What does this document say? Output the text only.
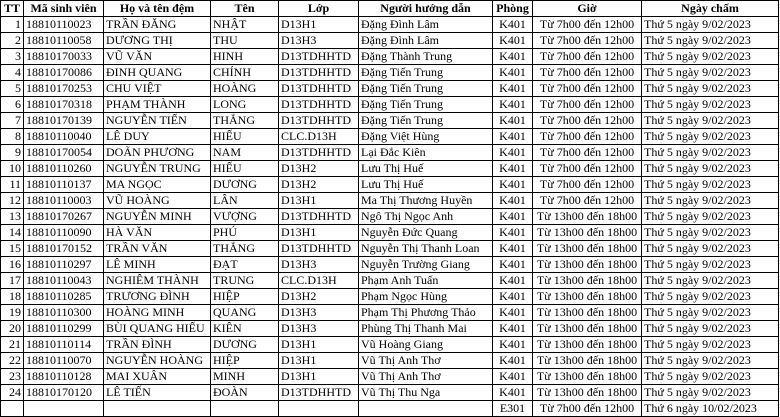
TT	Mã sinh viên	Họ và tên đệm	Tên	Lớp	Người hướng dẫn	Phòng	Giờ	Ngày chấm
1	18810110023	TRẦN ĐĂNG	NHẬT	D13H1	Đặng Đình Lâm	K401	Từ 7h00 đến 12h00	Thứ 5 ngày 9/02/2023
2	18810110058	DƯƠNG THỊ	THU	D13H3	Đặng Đình Lâm	K401	Từ 7h00 đến 12h00	Thứ 5 ngày 9/02/2023
3	18810170033	VŨ VĂN	HINH	D13TDHHTD	Đặng Thành Trung	K401	Từ 7h00 đến 12h00	Thứ 5 ngày 9/02/2023
4	18810170086	ĐINH QUANG	CHÍNH	D13TDHHTD	Đặng Tiến Trung	K401	Từ 7h00 đến 12h00	Thứ 5 ngày 9/02/2023
5	18810170253	CHU VIỆT	HOÀNG	D13TDHHTD	Đặng Tiến Trung	K401	Từ 7h00 đến 12h00	Thứ 5 ngày 9/02/2023
6	18810170318	PHẠM THÀNH	LONG	D13TDHHTD	Đặng Tiến Trung	K401	Từ 7h00 đến 12h00	Thứ 5 ngày 9/02/2023
7	18810170139	NGUYỄN TIẾN	THẮNG	D13TDHHTD	Đặng Tiến Trung	K401	Từ 7h00 đến 12h00	Thứ 5 ngày 9/02/2023
8	18810110040	LÊ DUY	HIẾU	CLC.D13H	Đặng Việt Hùng	K401	Từ 7h00 đến 12h00	Thứ 5 ngày 9/02/2023
9	18810170054	DOÃN PHƯƠNG	NAM	D13TDHHTD	Lại Đắc Kiên	K401	Từ 7h00 đến 12h00	Thứ 5 ngày 9/02/2023
10	18810110260	NGUYỄN TRUNG	HIẾU	D13H2	Lưu Thị Huế	K401	Từ 7h00 đến 12h00	Thứ 5 ngày 9/02/2023
11	18810110137	MA NGỌC	DƯƠNG	D13H2	Lưu Thị Huế	K401	Từ 7h00 đến 12h00	Thứ 5 ngày 9/02/2023
12	18810110003	VŨ HOÀNG	LÂN	D13H1	Ma Thị Thương Huyền	K401	Từ 7h00 đến 12h00	Thứ 5 ngày 9/02/2023
13	18810170267	NGUYỄN MINH	VƯỢNG	D13TDHHTD	Ngô Thị Ngọc Anh	K401	Từ 13h00 đến 18h00	Thứ 5 ngày 9/02/2023
14	18810110090	HÀ VĂN	PHÚ	D13H1	Nguyễn Đức Quang	K401	Từ 13h00 đến 18h00	Thứ 5 ngày 9/02/2023
15	18810170152	TRẦN VĂN	THẮNG	D13TDHHTD	Nguyễn Thị Thanh Loan	K401	Từ 13h00 đến 18h00	Thứ 5 ngày 9/02/2023
16	18810110297	LÊ MINH	ĐẠT	D13H3	Nguyễn Trường Giang	K401	Từ 13h00 đến 18h00	Thứ 5 ngày 9/02/2023
17	18810110043	NGHIÊM THÀNH	TRUNG	CLC.D13H	Phạm Anh Tuấn	K401	Từ 13h00 đến 18h00	Thứ 5 ngày 9/02/2023
18	18810110285	TRƯƠNG ĐÌNH	HIỆP	D13H2	Phạm Ngọc Hùng	K401	Từ 13h00 đến 18h00	Thứ 5 ngày 9/02/2023
19	18810110300	HOÀNG MINH	QUANG	D13H3	Phạm Thị Phương Thảo	K401	Từ 13h00 đến 18h00	Thứ 5 ngày 9/02/2023
20	18810110299	BÙI QUANG HIẾU	KIÊN	D13H3	Phùng Thị Thanh Mai	K401	Từ 13h00 đến 18h00	Thứ 5 ngày 9/02/2023
21	18810110114	TRẦN ĐÌNH	DƯƠNG	D13H1	Vũ Hoàng Giang	K401	Từ 13h00 đến 18h00	Thứ 5 ngày 9/02/2023
22	18810110070	NGUYỄN HOÀNG	HIỆP	D13H1	Vũ Thị Anh Thơ	K401	Từ 13h00 đến 18h00	Thứ 5 ngày 9/02/2023
23	18810110128	MAI XUÂN	MINH	D13H1	Vũ Thị Anh Thơ	K401	Từ 13h00 đến 18h00	Thứ 5 ngày 9/02/2023
24	18810170120	LÊ TIẾN	ĐOÀN	D13TDHHTD	Vũ Thị Thu Nga	K401	Từ 13h00 đến 18h00	Thứ 5 ngày 9/02/2023
						E301	Từ 7h00 đến 12h00	Thứ 6 ngày 10/02/2023
